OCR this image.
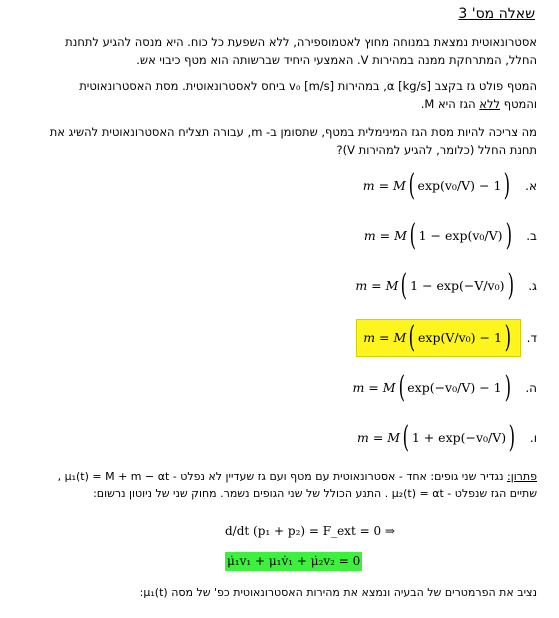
שאלה מס' 3

אסטרונאוטית נמצאת במנוחה מחוץ לאטמוספירה, ללא השפעת כל כוח. היא מנסה להגיע לתחנת
החלל, המתרחקת ממנה במהירות V. האמצעי היחיד שברשותה הוא מטף כיבוי אש.

המטף פולט גז בקצב [kg/s] α, במהירות v₀ [m/s] ביחס לאסטרונאוטית. מסת האסטרונאוטית
והמטף ללא הגז היא M.

מה צריכה להיות מסת הגז המינימלית במטף, שתסומן ב- m, עבורה תצליח האסטרונאוטית להשיג את
תחנת החלל (כלומר, להגיע למהירות V)?

א.
m = M ( exp(v₀/V) − 1 )
ב.
m = M ( 1 − exp(v₀/V) )
ג.
m = M ( 1 − exp(−V/v₀) )
ד.
m = M ( exp(V/v₀) − 1 )
ה.
m = M ( exp(−v₀/V) − 1 )
ו.
m = M ( 1 + exp(−v₀/V) )

פתרון: נגדיר שני גופים: אחד - אסטרונאוטית עם מטף ועם גז שעדיין לא נפלט - μ₁(t) = M + m − αt ,
שתיים הגז שנפלט - μ₂(t) = αt . התנע הכולל של שני הגופים נשמר. מחוק שני של ניוטון נרשום:

d/dt (p₁ + p₂) = F_ext = 0 ⇒
μ̇₁v₁ + μ₁v̇₁ + μ̇₂v₂ = 0

נציב את הפרמטרים של הבעיה ונמצא את מהירות האסטרונאוטית כפ' של מסה μ₁(t):
